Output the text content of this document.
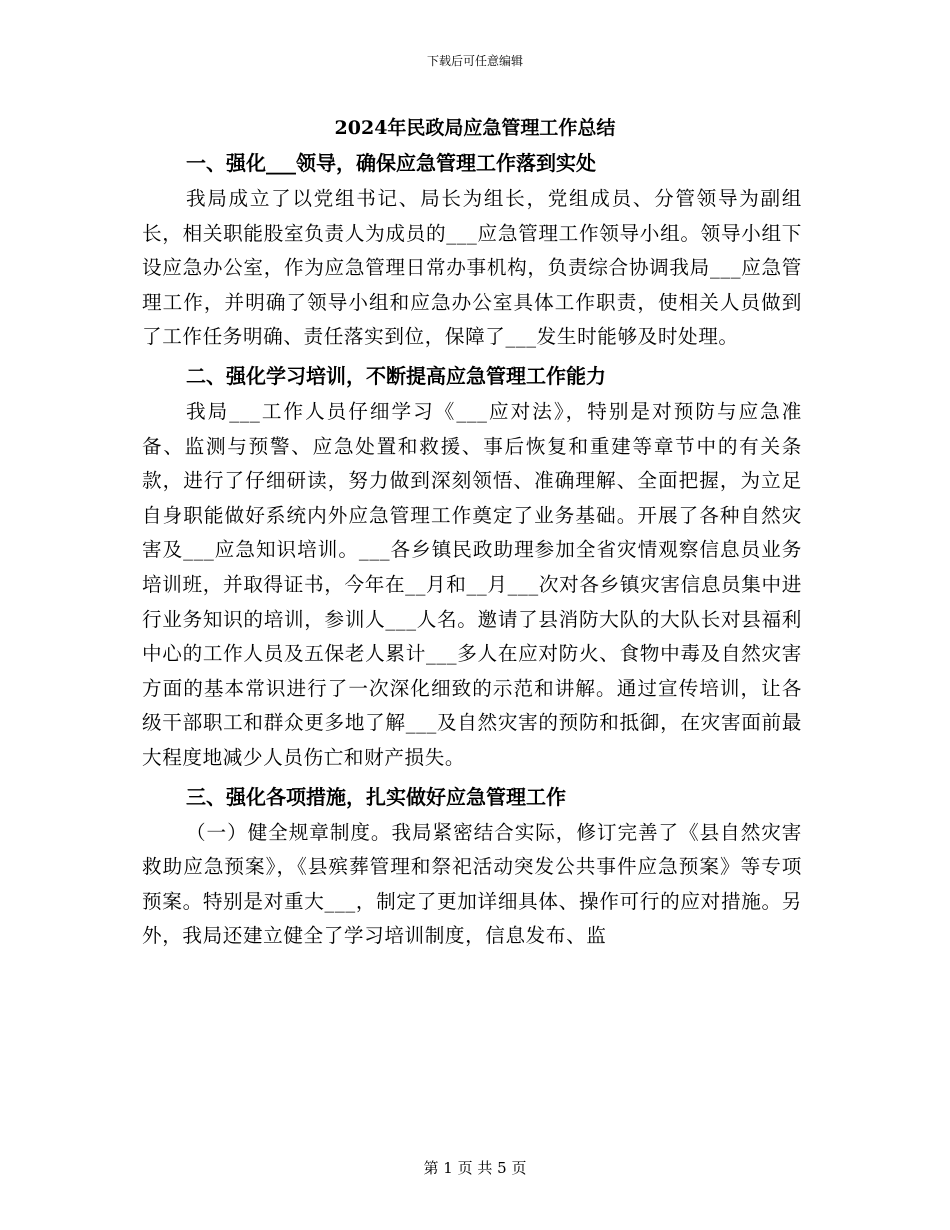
下载后可任意编辑
2024年民政局应急管理工作总结
一、强化___领导，确保应急管理工作落到实处

我局成立了以党组书记、局长为组长，党组成员、分管领导为副组长，相关职能股室负责人为成员的___应急管理工作领导小组。领导小组下设应急办公室，作为应急管理日常办事机构，负责综合协调我局___应急管理工作，并明确了领导小组和应急办公室具体工作职责，使相关人员做到了工作任务明确、责任落实到位，保障了___发生时能够及时处理。

二、强化学习培训，不断提高应急管理工作能力

我局___工作人员仔细学习《___应对法》，特别是对预防与应急准备、监测与预警、应急处置和救援、事后恢复和重建等章节中的有关条款，进行了仔细研读，努力做到深刻领悟、准确理解、全面把握，为立足自身职能做好系统内外应急管理工作奠定了业务基础。开展了各种自然灾害及___应急知识培训。___各乡镇民政助理参加全省灾情观察信息员业务培训班，并取得证书，今年在__月和__月___次对各乡镇灾害信息员集中进行业务知识的培训，参训人___人名。邀请了县消防大队的大队长对县福利中心的工作人员及五保老人累计___多人在应对防火、食物中毒及自然灾害方面的基本常识进行了一次深化细致的示范和讲解。通过宣传培训，让各级干部职工和群众更多地了解___及自然灾害的预防和抵御，在灾害面前最大程度地减少人员伤亡和财产损失。

三、强化各项措施，扎实做好应急管理工作

（一）健全规章制度。我局紧密结合实际，修订完善了《县自然灾害救助应急预案》，《县殡葬管理和祭祀活动突发公共事件应急预案》等专项预案。特别是对重大___，制定了更加详细具体、操作可行的应对措施。另外，我局还建立健全了学习培训制度，信息发布、监

第 1 页 共 5 页
